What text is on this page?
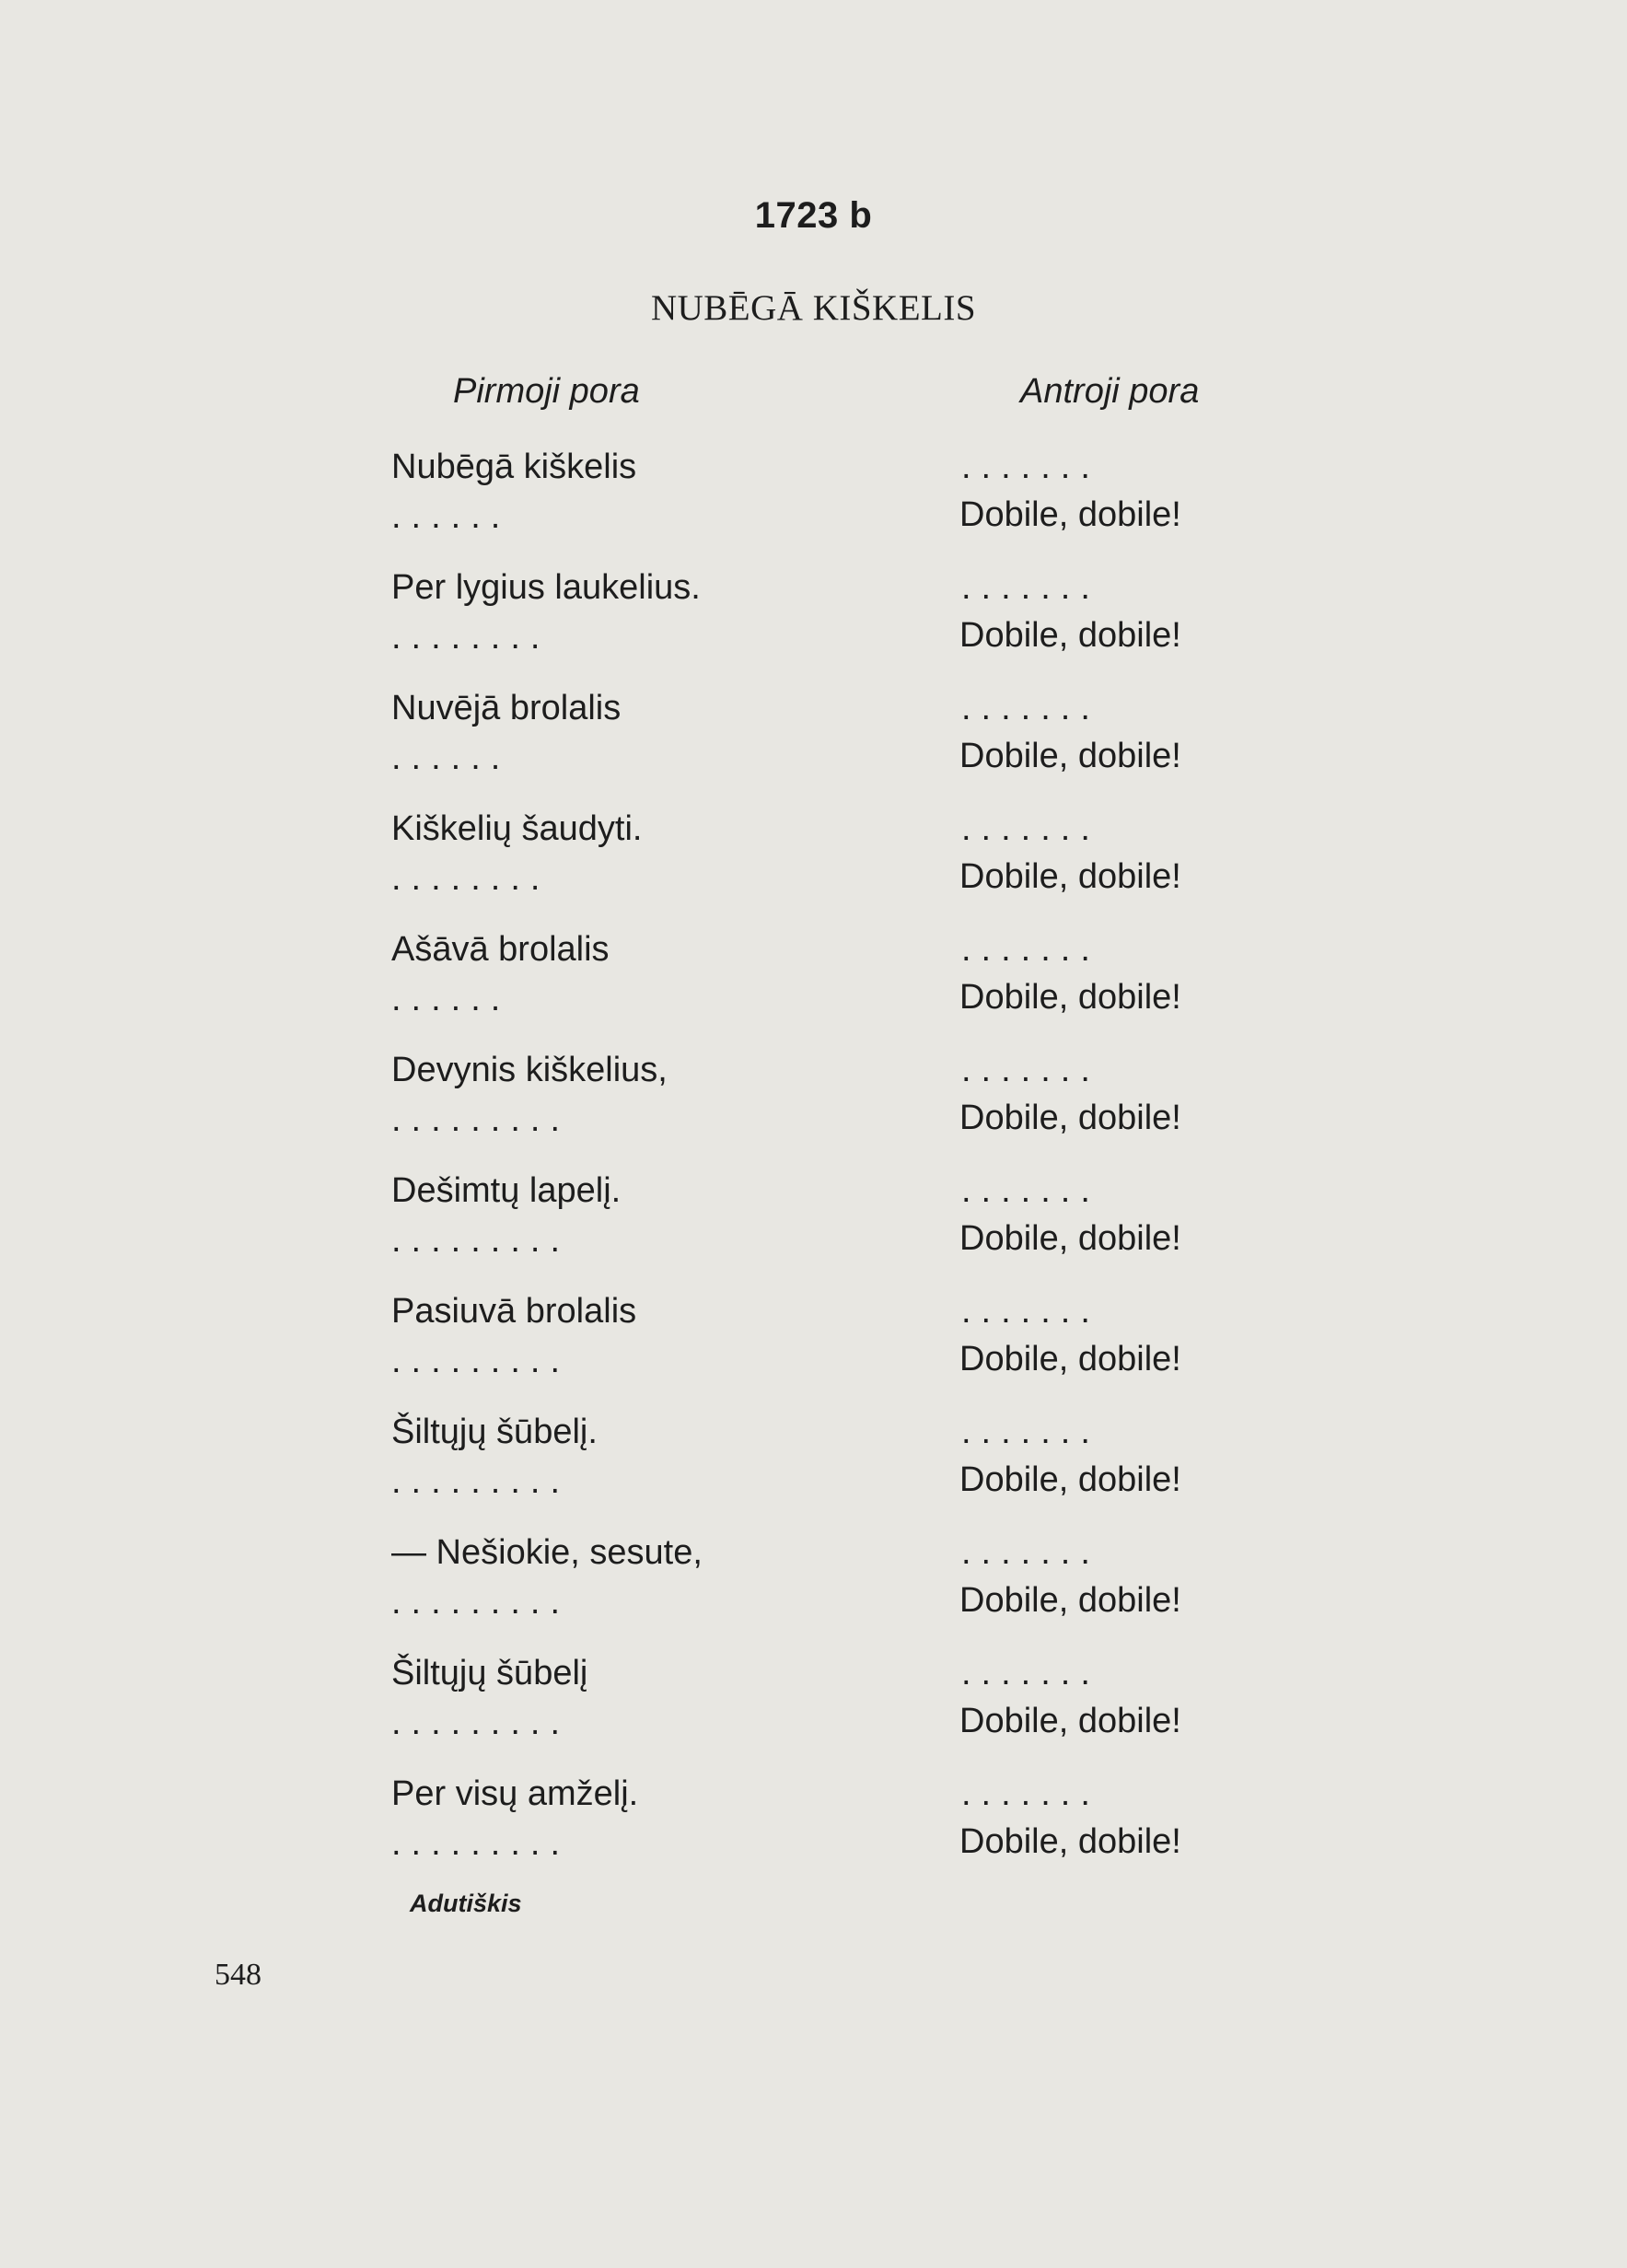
1723 b
NUBĒGĀ KIŠKELIS
Pirmoji pora	Antroji pora
Nubēgā kiškelis
......
.......
Dobile, dobile!
Per lygius laukelius.
........
.......
Dobile, dobile!
Nuvējā brolalis
......
.......
Dobile, dobile!
Kiškelių šaudyti.
........
.......
Dobile, dobile!
Ašāvā brolalis
......
.......
Dobile, dobile!
Devynis kiškelius,
.........
.......
Dobile, dobile!
Dešimtų lapelį.
.........
.......
Dobile, dobile!
Pasiuvā brolalis
.........
.......
Dobile, dobile!
Šiltųjų šūbelį.
.........
.......
Dobile, dobile!
— Nešiokie, sesute,
.........
.......
Dobile, dobile!
Šiltųjų šūbelį
.........
.......
Dobile, dobile!
Per visų amželį.
.........
.......
Dobile, dobile!
Adutiškis
548
